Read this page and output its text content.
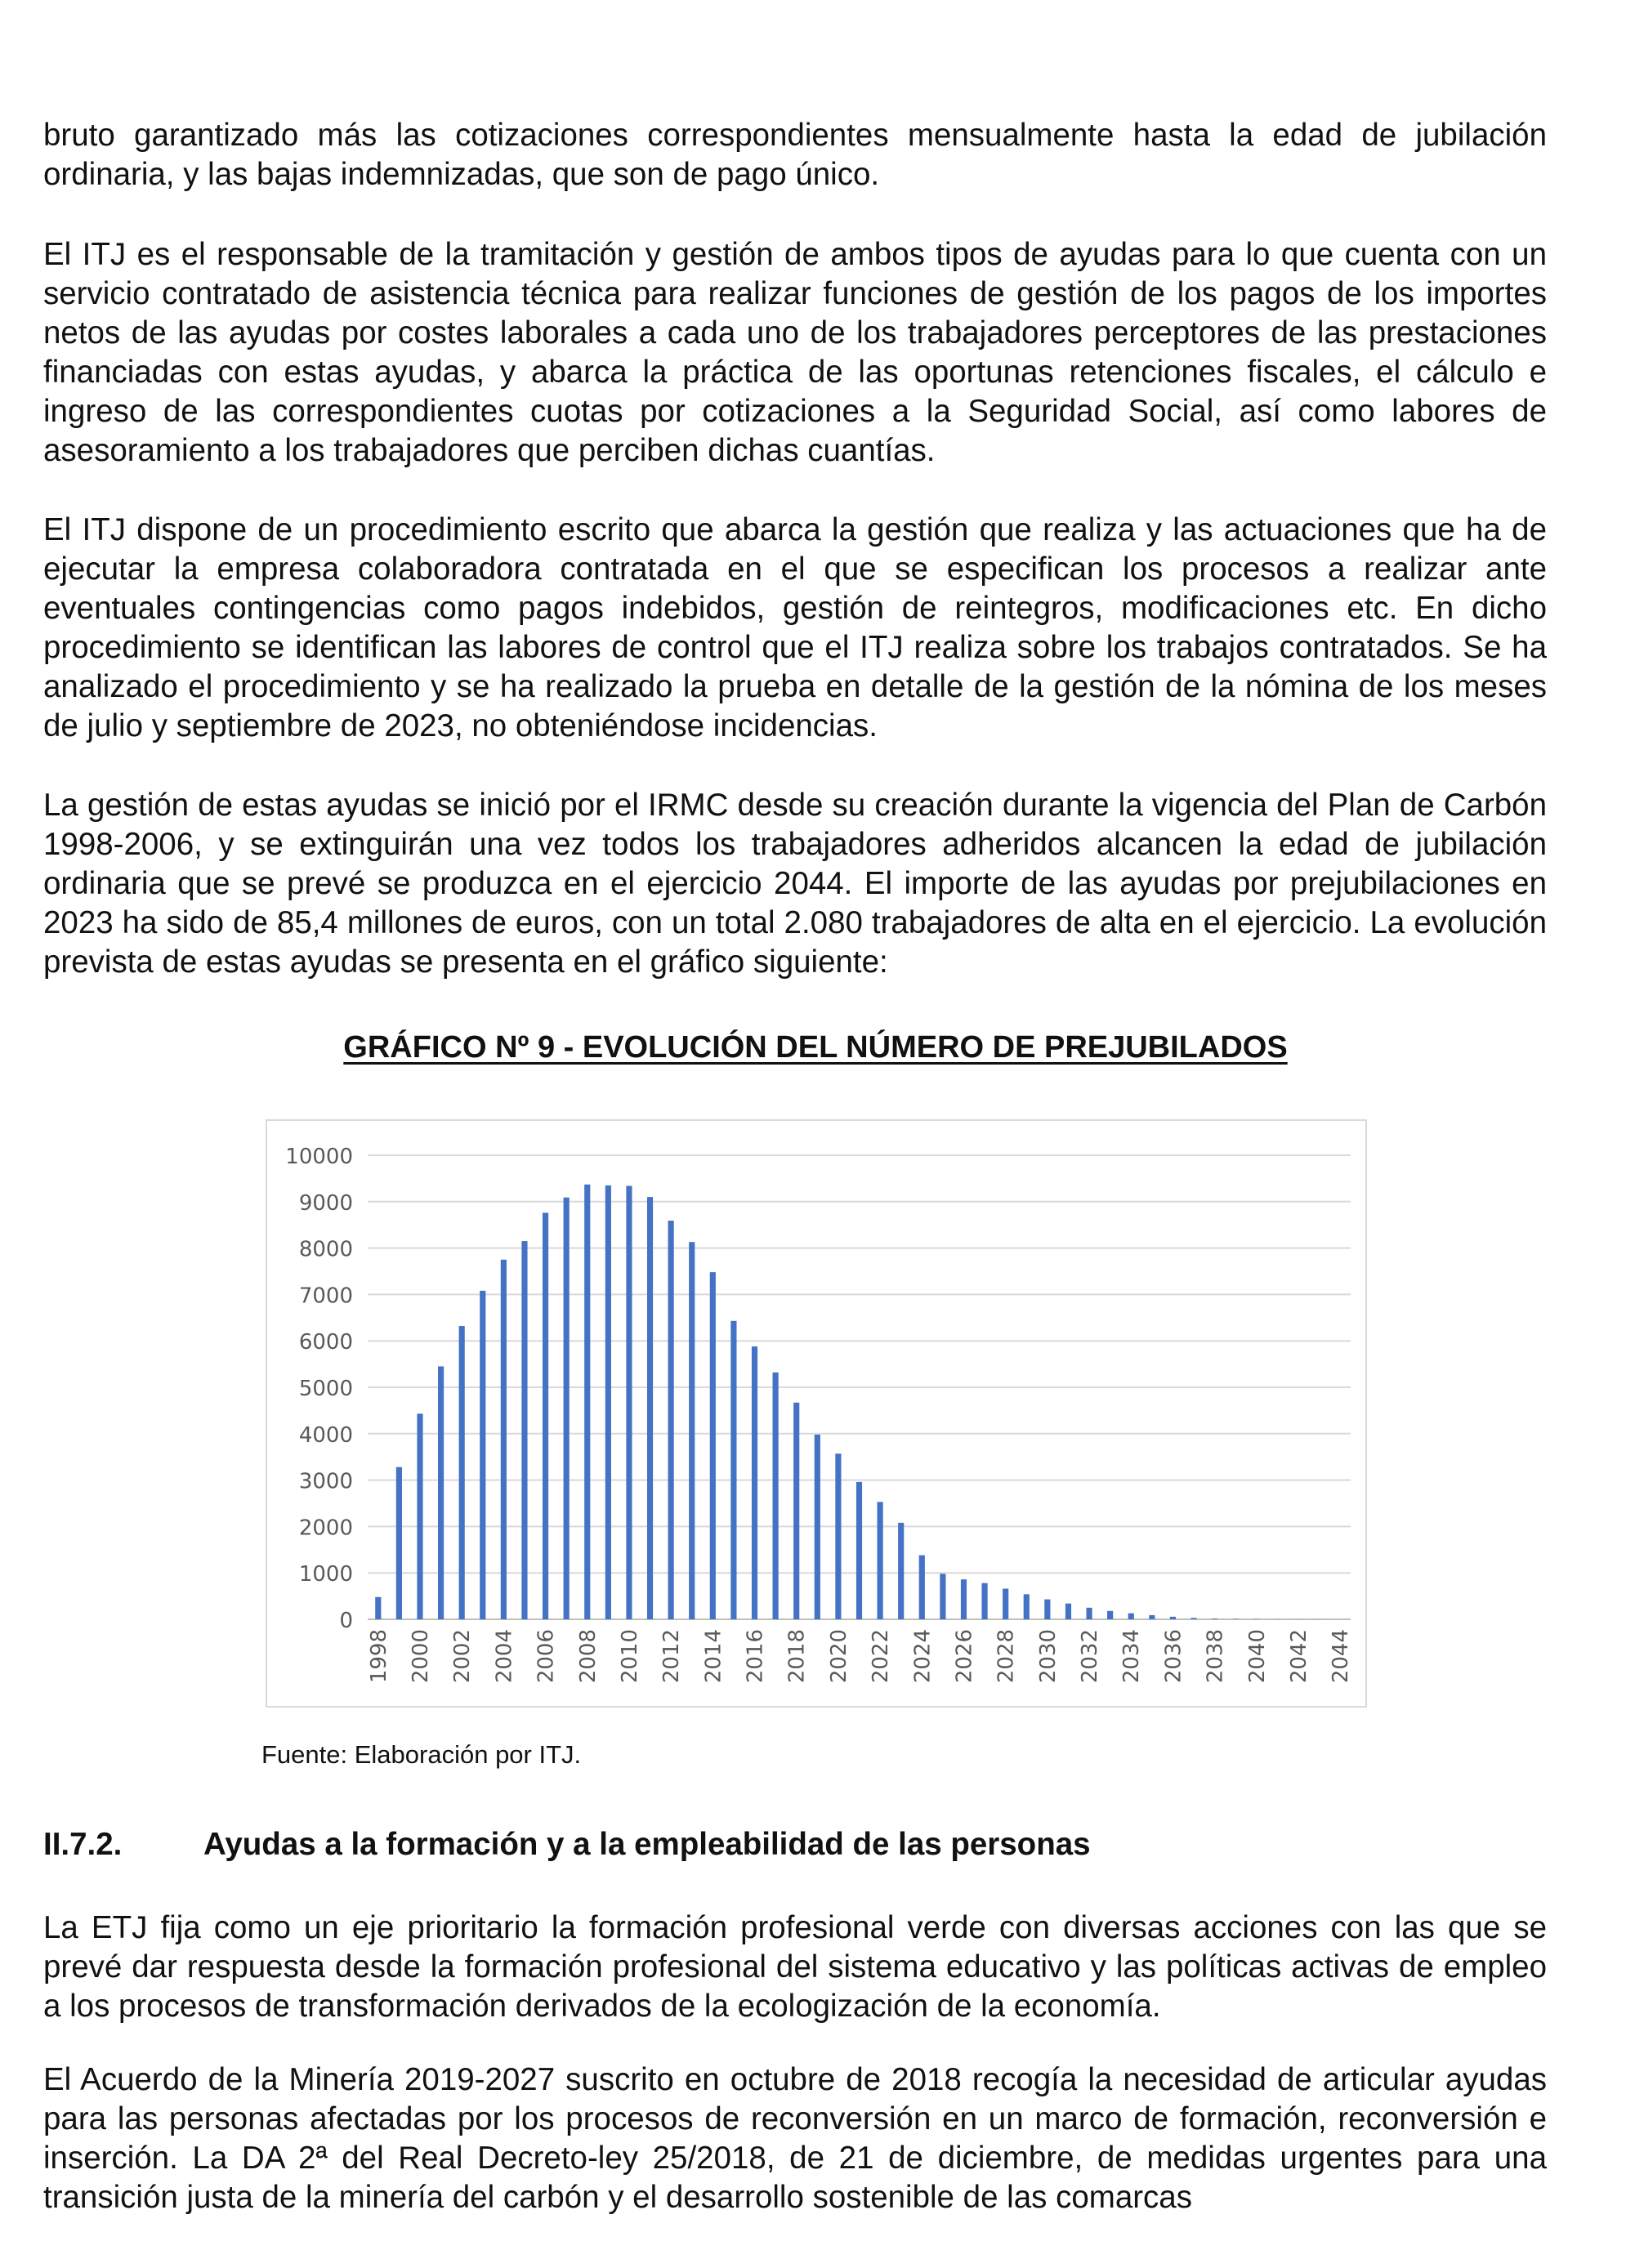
bruto garantizado más las cotizaciones correspondientes mensualmente hasta la edad de jubilación ordinaria, y las bajas indemnizadas, que son de pago único.

El ITJ es el responsable de la tramitación y gestión de ambos tipos de ayudas para lo que cuenta con un servicio contratado de asistencia técnica para realizar funciones de gestión de los pagos de los importes netos de las ayudas por costes laborales a cada uno de los trabajadores perceptores de las prestaciones financiadas con estas ayudas, y abarca la práctica de las oportunas retenciones fiscales, el cálculo e ingreso de las correspondientes cuotas por cotizaciones a la Seguridad Social, así como labores de asesoramiento a los trabajadores que perciben dichas cuantías.

El ITJ dispone de un procedimiento escrito que abarca la gestión que realiza y las actuaciones que ha de ejecutar la empresa colaboradora contratada en el que se especifican los procesos a realizar ante eventuales contingencias como pagos indebidos, gestión de reintegros, modificaciones etc. En dicho procedimiento se identifican las labores de control que el ITJ realiza sobre los trabajos contratados. Se ha analizado el procedimiento y se ha realizado la prueba en detalle de la gestión de la nómina de los meses de julio y septiembre de 2023, no obteniéndose incidencias.

La gestión de estas ayudas se inició por el IRMC desde su creación durante la vigencia del Plan de Carbón 1998-2006, y se extinguirán una vez todos los trabajadores adheridos alcancen la edad de jubilación ordinaria que se prevé se produzca en el ejercicio 2044. El importe de las ayudas por prejubilaciones en 2023 ha sido de 85,4 millones de euros, con un total 2.080 trabajadores de alta en el ejercicio. La evolución prevista de estas ayudas se presenta en el gráfico siguiente:

GRÁFICO Nº 9 - EVOLUCIÓN DEL NÚMERO DE PREJUBILADOS
0
1000
2000
3000
4000
5000
6000
7000
8000
9000
10000
1998 2000 2002 2004 2006 2008 2010 2012 2014 2016 2018 2020 2022 2024 2026 2028 2030 2032 2034 2036 2038 2040 2042 2044

Fuente: Elaboración por ITJ.

II.7.2.	Ayudas a la formación y a la empleabilidad de las personas

La ETJ fija como un eje prioritario la formación profesional verde con diversas acciones con las que se prevé dar respuesta desde la formación profesional del sistema educativo y las políticas activas de empleo a los procesos de transformación derivados de la ecologización de la economía.

El Acuerdo de la Minería 2019-2027 suscrito en octubre de 2018 recogía la necesidad de articular ayudas para las personas afectadas por los procesos de reconversión en un marco de formación, reconversión e inserción. La DA 2ª del Real Decreto-ley 25/2018, de 21 de diciembre, de medidas urgentes para una transición justa de la minería del carbón y el desarrollo sostenible de las comarcas
